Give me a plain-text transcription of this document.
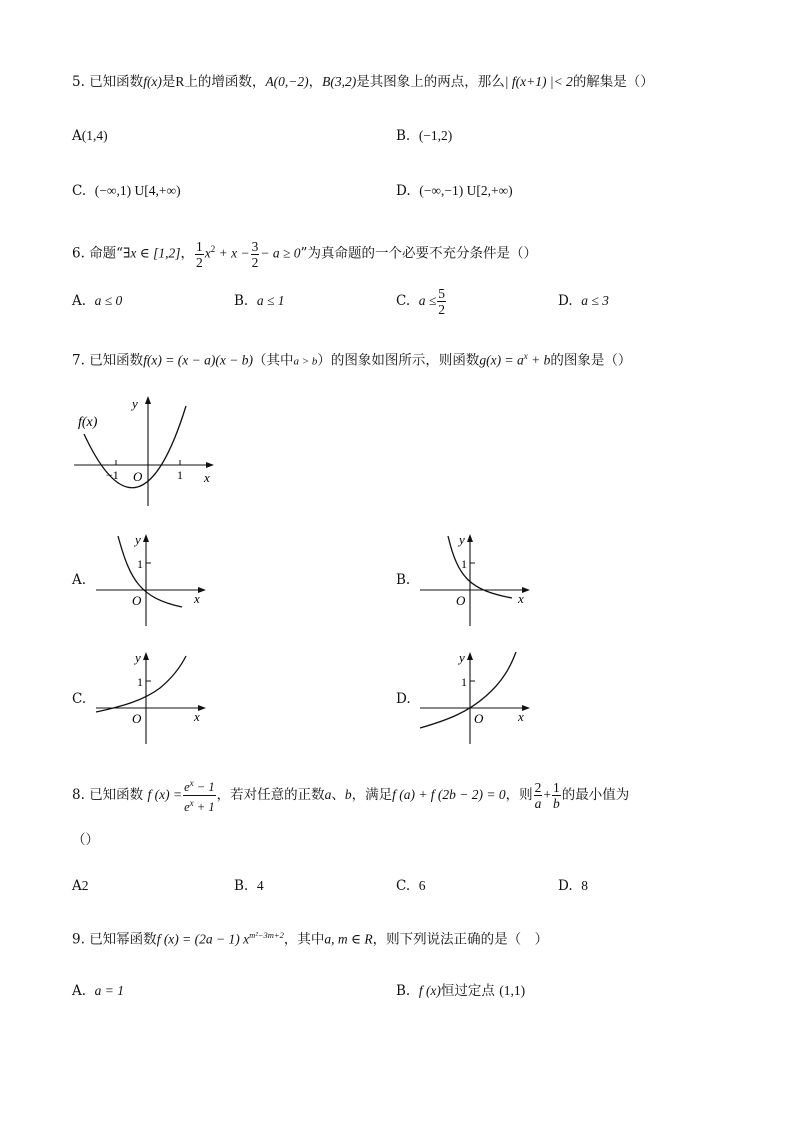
5. 已知函数f(x)是R上的增函数，A(0,−2)，B(3,2)是其图象上的两点，那么| f(x+1) |< 2的解集是（）
A(1,4)	B. (−1,2)
C. (−∞,1) U[4,+∞)	D. (−∞,−1) U[2,+∞)
6. 命题“∃x ∈ [1,2]， $\frac{1}{2} x^2 + x - \frac{3}{2} - a \ge 0$”为真命题的一个必要不充分条件是（）
A. a ≤ 0	B. a ≤ 1	C. $a \le \frac{5}{2}$	D. a ≤ 3
7. 已知函数f(x) = (x − a)(x − b)（其中a > b）的图象如图所示，则函数$g(x) = a^x + b$的图象是（）
f(x)
y
x
O
−1	1
A.
y
1
O	x
B.
y
1
O	x
C.
y
1
O	x
D.
y
1
O	x
8. 已知函数 f $(x) = \frac{e^x - 1}{e^x + 1}$ ，若对任意的正数a、b，满足f (a) + f (2b − 2) = 0，则 $\frac{2}{a} + \frac{1}{b}$ 的最小值为
（）
A2	B. 4	C. 6	D. 8
9. 已知幂函数f (x) = (2a − 1) $x^{m^2-3m+2}$，其中a, m ∈ R，则下列说法正确的是（　）
A. a = 1	B. f (x)恒过定点 (1,1)
